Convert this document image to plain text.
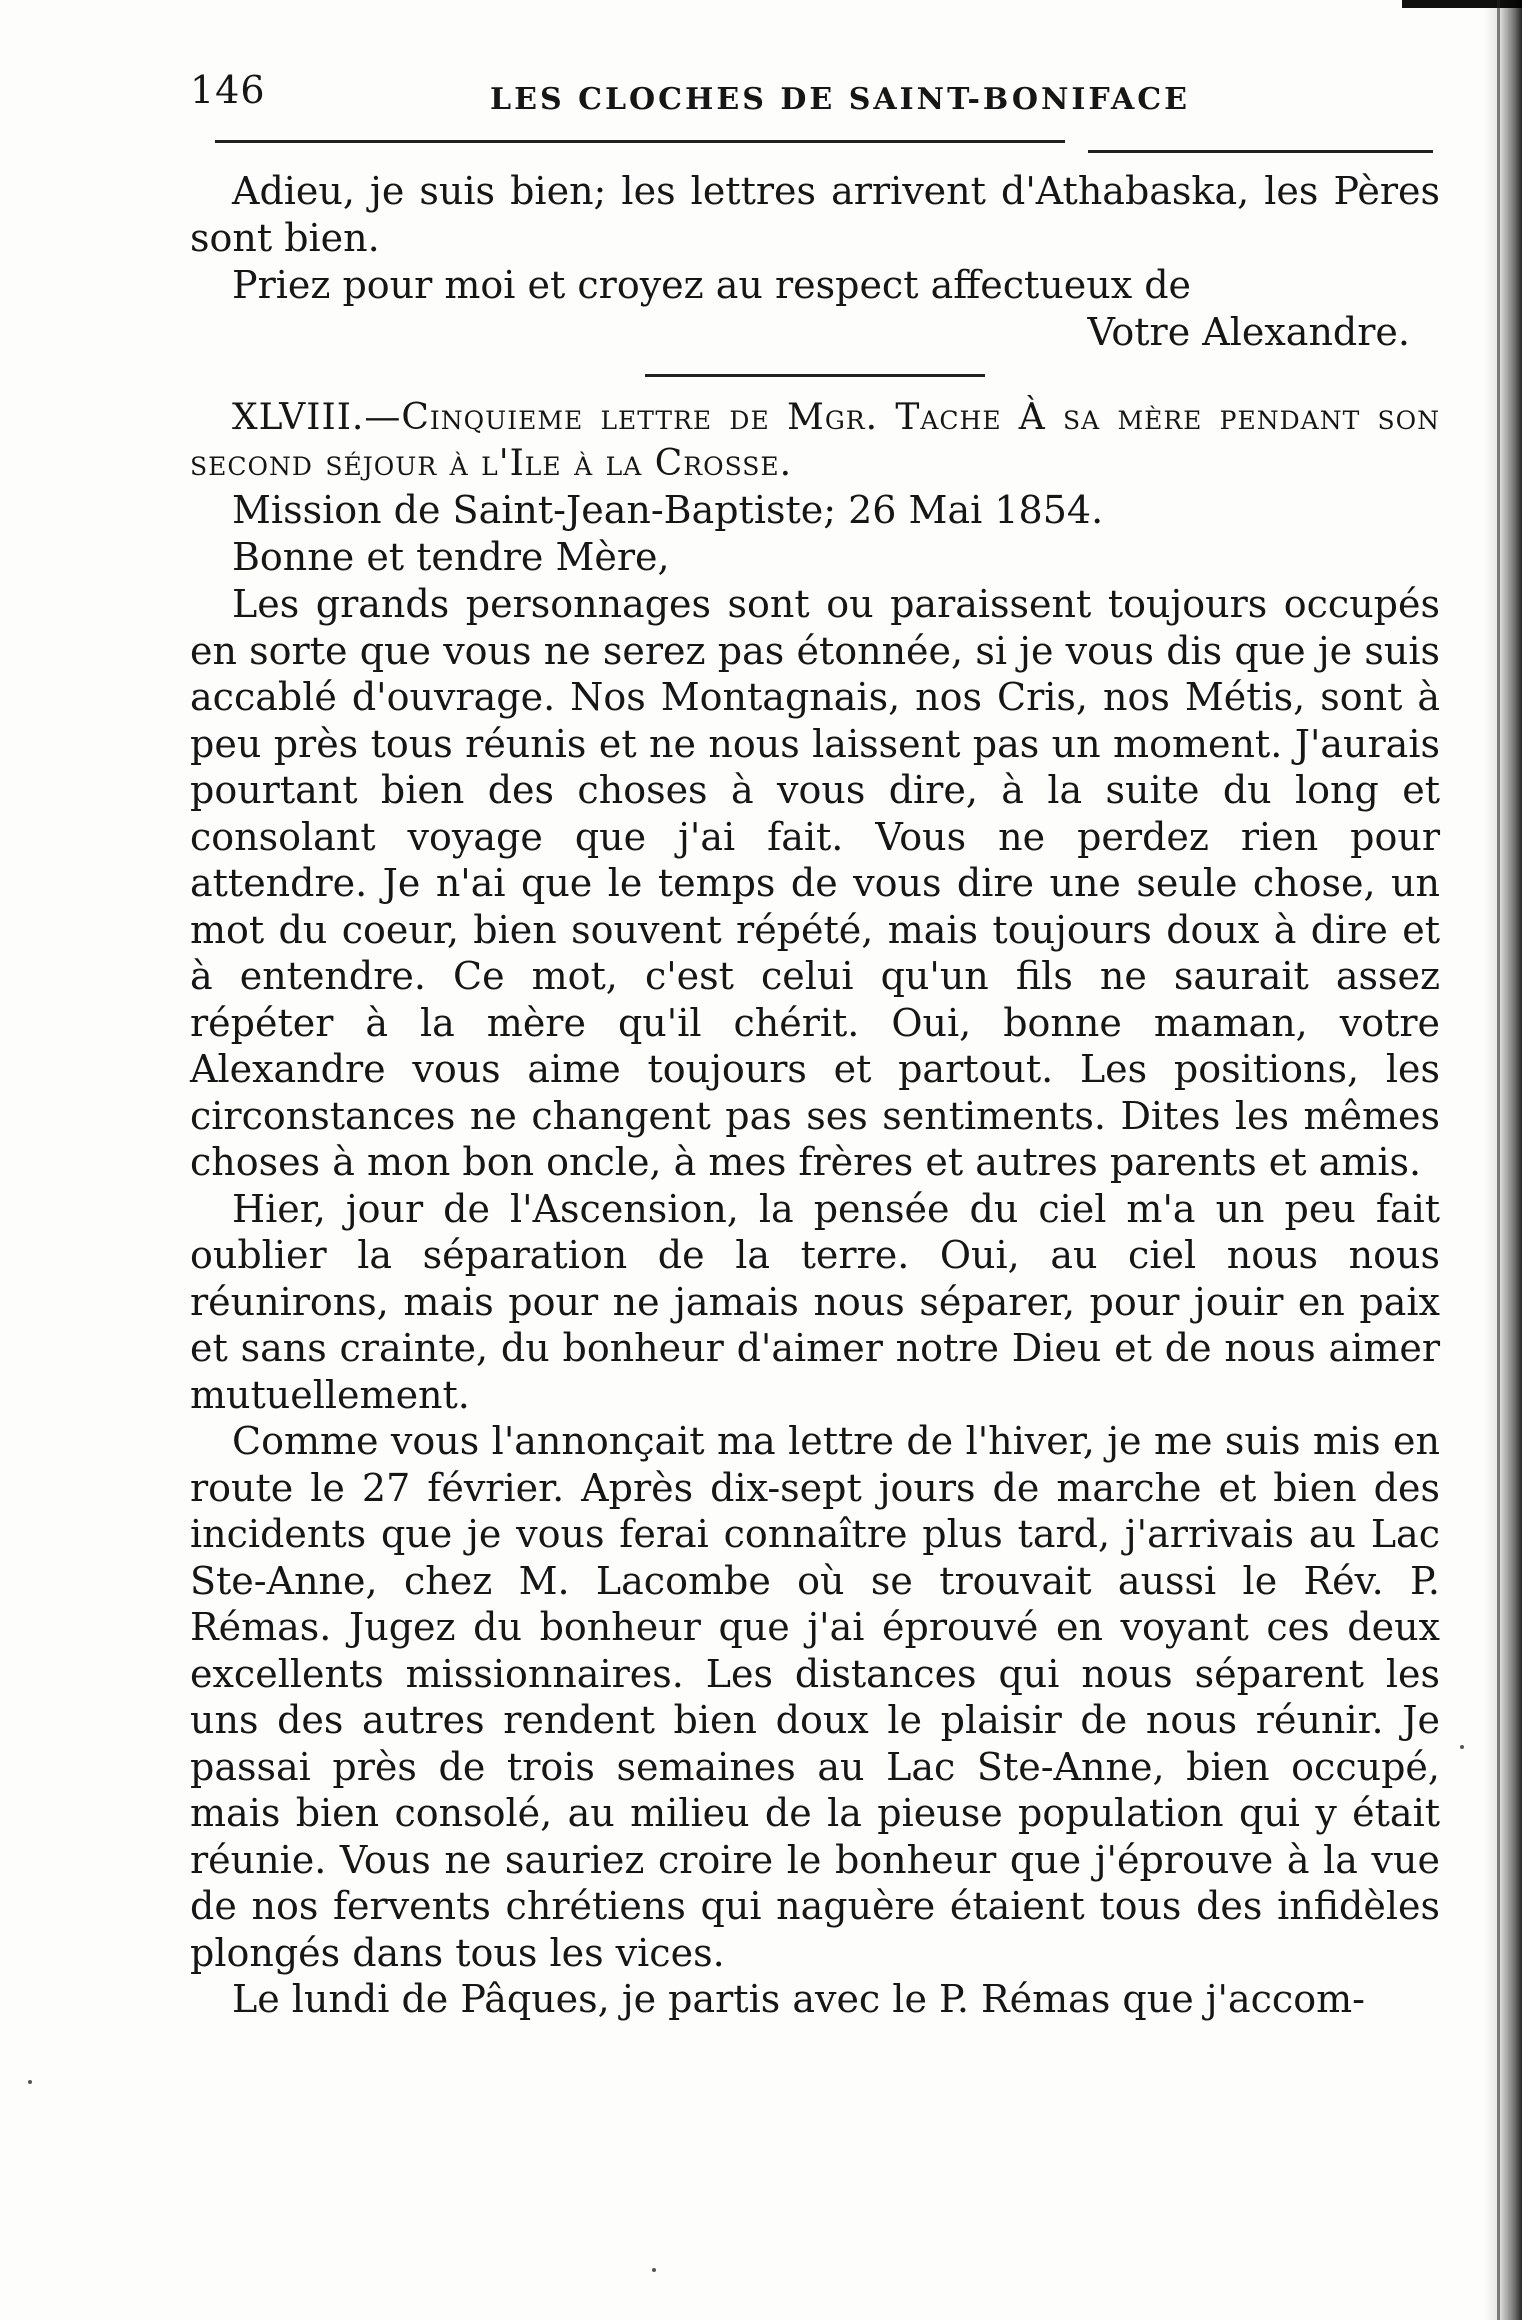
146	LES CLOCHES DE SAINT-BONIFACE

Adieu, je suis bien; les lettres arrivent d'Athabaska, les Pères sont bien.

Priez pour moi et croyez au respect affectueux de

Votre Alexandre.

XLVIII.—Cinquieme lettre de Mgr. Tache À sa mère pendant son second séjour à l'Ile à la Crosse.

Mission de Saint-Jean-Baptiste; 26 Mai 1854.

Bonne et tendre Mère,

Les grands personnages sont ou paraissent toujours occupés en sorte que vous ne serez pas étonnée, si je vous dis que je suis accablé d'ouvrage. Nos Montagnais, nos Cris, nos Métis, sont à peu près tous réunis et ne nous laissent pas un moment. J'aurais pourtant bien des choses à vous dire, à la suite du long et consolant voyage que j'ai fait. Vous ne perdez rien pour attendre. Je n'ai que le temps de vous dire une seule chose, un mot du coeur, bien souvent répété, mais toujours doux à dire et à entendre. Ce mot, c'est celui qu'un fils ne saurait assez répéter à la mère qu'il chérit. Oui, bonne maman, votre Alexandre vous aime toujours et partout. Les positions, les circonstances ne changent pas ses sentiments. Dites les mêmes choses à mon bon oncle, à mes frères et autres parents et amis.

Hier, jour de l'Ascension, la pensée du ciel m'a un peu fait oublier la séparation de la terre. Oui, au ciel nous nous réunirons, mais pour ne jamais nous séparer, pour jouir en paix et sans crainte, du bonheur d'aimer notre Dieu et de nous aimer mutuellement.

Comme vous l'annonçait ma lettre de l'hiver, je me suis mis en route le 27 février. Après dix-sept jours de marche et bien des incidents que je vous ferai connaître plus tard, j'arrivais au Lac Ste-Anne, chez M. Lacombe où se trouvait aussi le Rév. P. Rémas. Jugez du bonheur que j'ai éprouvé en voyant ces deux excellents missionnaires. Les distances qui nous séparent les uns des autres rendent bien doux le plaisir de nous réunir. Je passai près de trois semaines au Lac Ste-Anne, bien occupé, mais bien consolé, au milieu de la pieuse population qui y était réunie. Vous ne sauriez croire le bonheur que j'éprouve à la vue de nos fervents chrétiens qui naguère étaient tous des infidèles plongés dans tous les vices.

Le lundi de Pâques, je partis avec le P. Rémas que j'accom-
